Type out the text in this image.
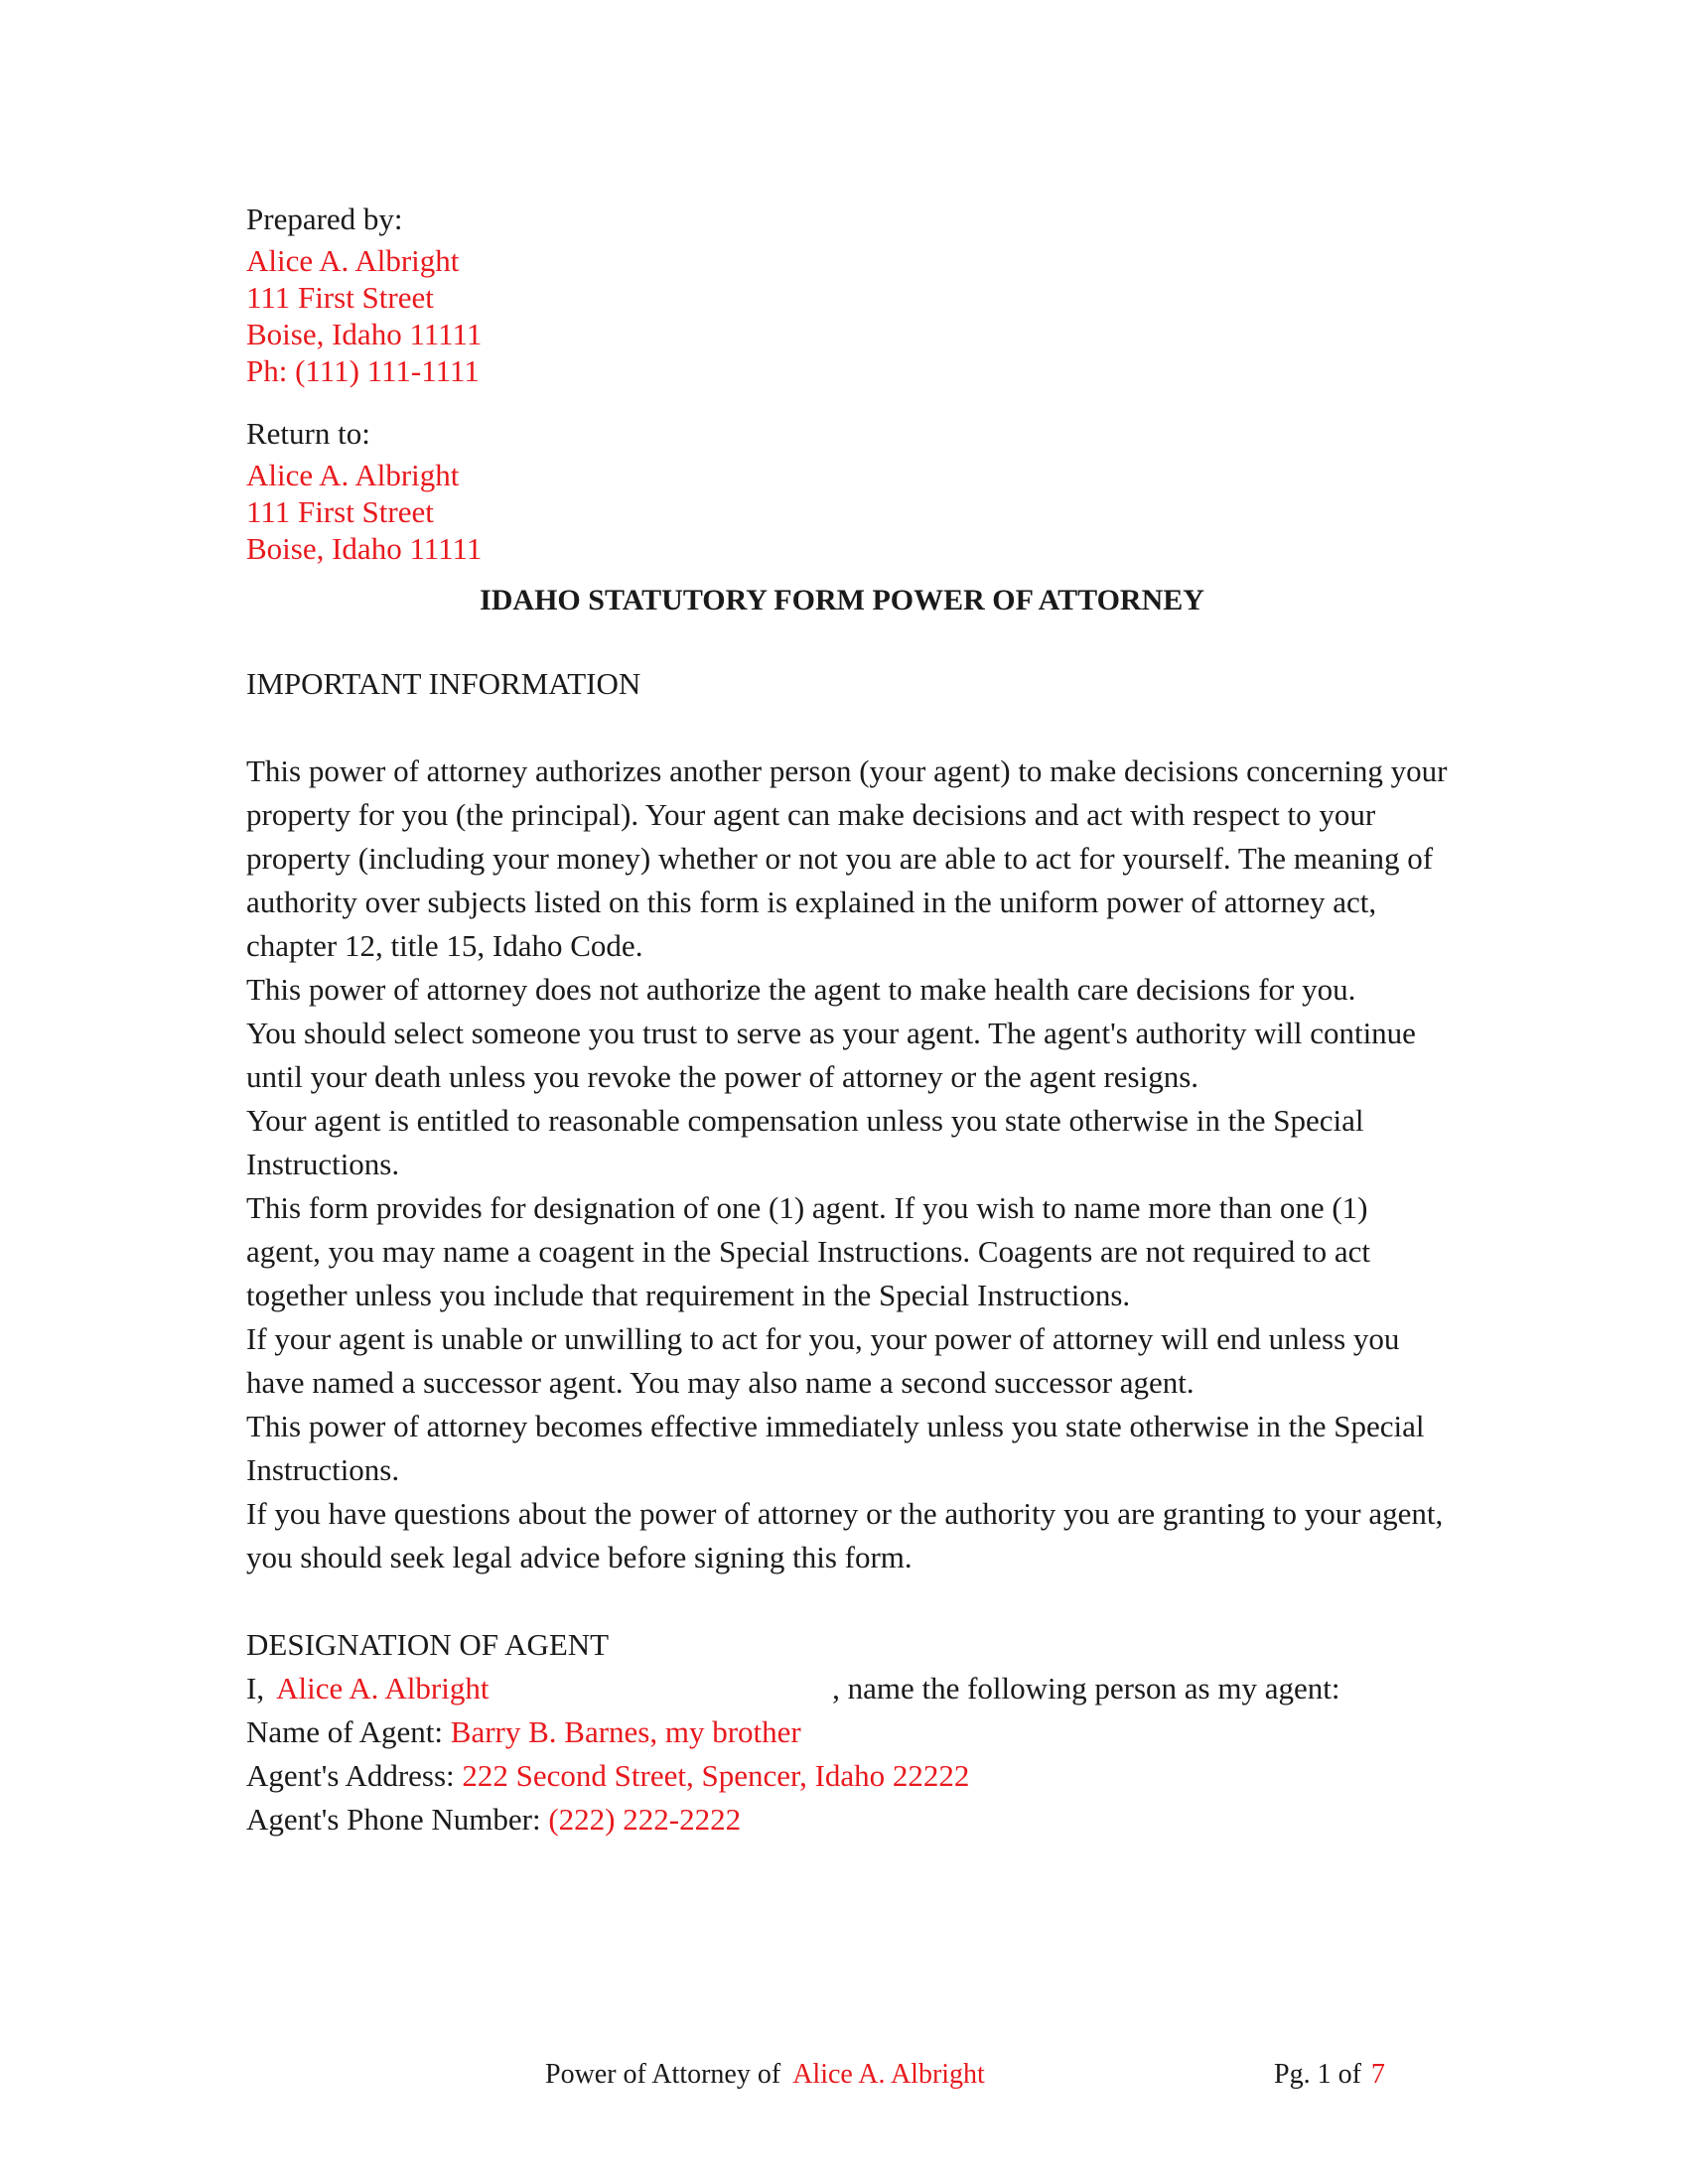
Prepared by:
Alice A. Albright
111 First Street
Boise, Idaho 11111
Ph: (111) 111-1111
Return to:
Alice A. Albright
111 First Street
Boise, Idaho 11111
IDAHO STATUTORY FORM POWER OF ATTORNEY
IMPORTANT INFORMATION

This power of attorney authorizes another person (your agent) to make decisions concerning your property for you (the principal). Your agent can make decisions and act with respect to your property (including your money) whether or not you are able to act for yourself. The meaning of authority over subjects listed on this form is explained in the uniform power of attorney act, chapter 12, title 15, Idaho Code.

This power of attorney does not authorize the agent to make health care decisions for you.

You should select someone you trust to serve as your agent. The agent's authority will continue until your death unless you revoke the power of attorney or the agent resigns.

Your agent is entitled to reasonable compensation unless you state otherwise in the Special Instructions.

This form provides for designation of one (1) agent. If you wish to name more than one (1) agent, you may name a coagent in the Special Instructions. Coagents are not required to act together unless you include that requirement in the Special Instructions.

If your agent is unable or unwilling to act for you, your power of attorney will end unless you have named a successor agent. You may also name a second successor agent.

This power of attorney becomes effective immediately unless you state otherwise in the Special Instructions.

If you have questions about the power of attorney or the authority you are granting to your agent, you should seek legal advice before signing this form.

DESIGNATION OF AGENT
I, Alice A. Albright	, name the following person as my agent:
Name of Agent: Barry B. Barnes, my brother
Agent's Address: 222 Second Street, Spencer, Idaho 22222
Agent's Phone Number: (222) 222-2222
Power of Attorney of Alice A. Albright	Pg. 1 of 7
